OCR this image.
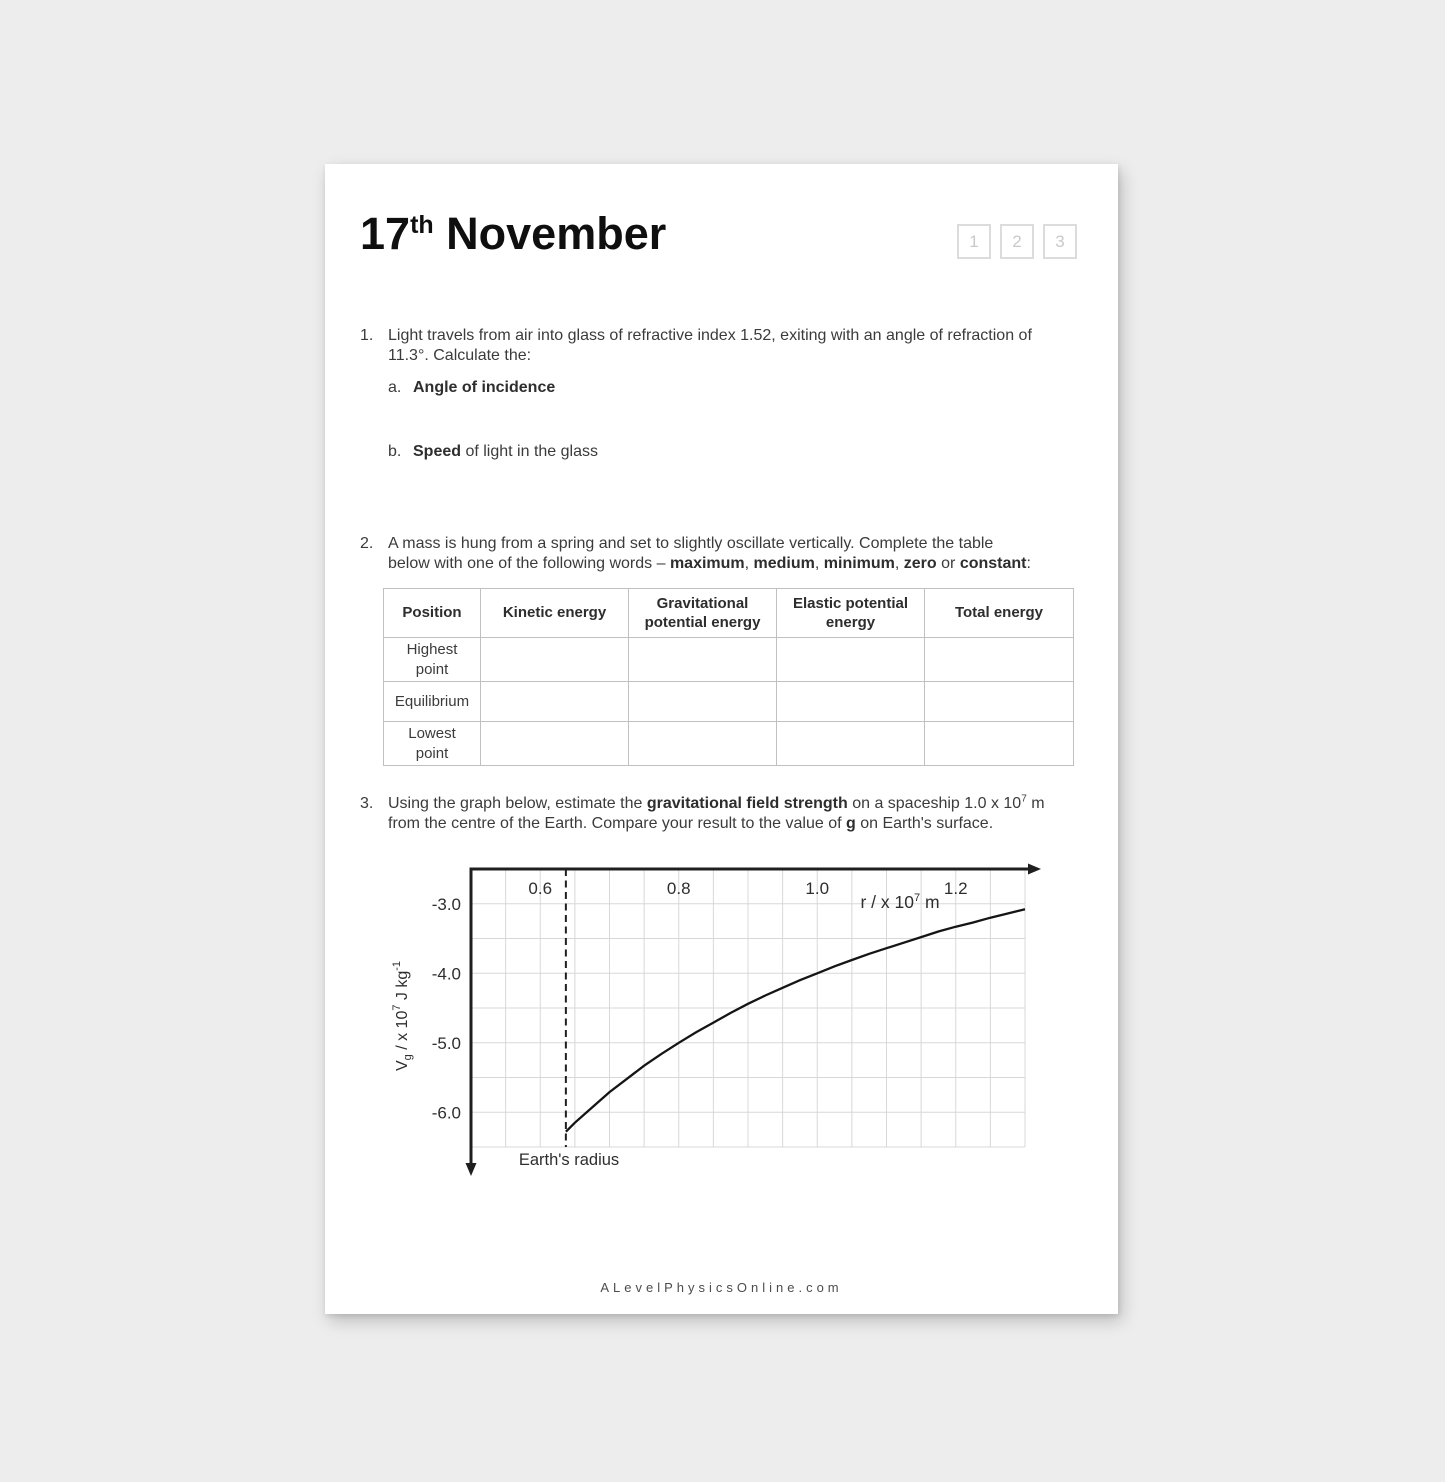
17th November	1	2	3
1. Light travels from air into glass of refractive index 1.52, exiting with an angle of refraction of
11.3°. Calculate the:
a. Angle of incidence
b. Speed of light in the glass
2. A mass is hung from a spring and set to slightly oscillate vertically. Complete the table
below with one of the following words – maximum, medium, minimum, zero or constant:
Position	Kinetic energy	Gravitational potential energy	Elastic potential energy	Total energy
Highest point				
Equilibrium				
Lowest point				
3. Using the graph below, estimate the gravitational field strength on a spaceship 1.0 x $10^7$ m
from the centre of the Earth. Compare your result to the value of g on Earth's surface.
0.6	0.8	1.0	1.2
-3.0
-4.0
-5.0
-6.0
r / x $10^7$ m
$V_g$ / x $10^7$ J $kg^{-1}$
Earth's radius
ALevelPhysicsOnline.com
